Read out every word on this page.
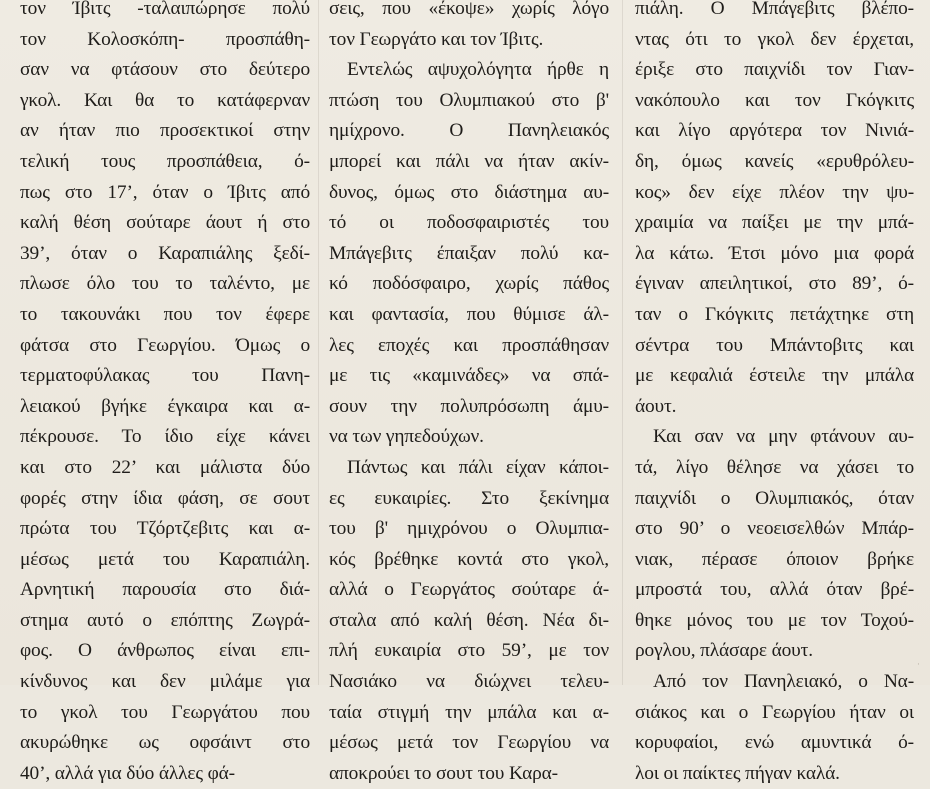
τον Ίβιτς -ταλαιπώρησε πολύ
τον Κολοσκόπη- προσπάθη-
σαν να φτάσουν στο δεύτερο
γκολ. Και θα το κατάφερναν
αν ήταν πιο προσεκτικοί στην
τελική τους προσπάθεια, ό-
πως στο 17’, όταν ο Ίβιτς από
καλή θέση σούταρε άουτ ή στο
39’, όταν ο Καραπιάλης ξεδί-
πλωσε όλο του το ταλέντο, με
το τακουνάκι που τον έφερε
φάτσα στο Γεωργίου. Όμως ο
τερματοφύλακας του Πανη-
λειακού βγήκε έγκαιρα και α-
πέκρουσε. Το ίδιο είχε κάνει
και στο 22’ και μάλιστα δύο
φορές στην ίδια φάση, σε σουτ
πρώτα του Τζόρτζεβιτς και α-
μέσως μετά του Καραπιάλη.
Αρνητική παρουσία στο διά-
στημα αυτό ο επόπτης Ζωγρά-
φος. Ο άνθρωπος είναι επι-
κίνδυνος και δεν μιλάμε για
το γκολ του Γεωργάτου που
ακυρώθηκε ως οφσάιντ στο
40’, αλλά για δύο άλλες φά-
σεις, που «έκοψε» χωρίς λόγο
τον Γεωργάτο και τον Ίβιτς.
Εντελώς αψυχολόγητα ήρθε η
πτώση του Ολυμπιακού στο β'
ημίχρονο. Ο Πανηλειακός
μπορεί και πάλι να ήταν ακίν-
δυνος, όμως στο διάστημα αυ-
τό οι ποδοσφαιριστές του
Μπάγεβιτς έπαιξαν πολύ κα-
κό ποδόσφαιρο, χωρίς πάθος
και φαντασία, που θύμισε άλ-
λες εποχές και προσπάθησαν
με τις «καμινάδες» να σπά-
σουν την πολυπρόσωπη άμυ-
να των γηπεδούχων.
Πάντως και πάλι είχαν κάποι-
ες ευκαιρίες. Στο ξεκίνημα
του β' ημιχρόνου ο Ολυμπια-
κός βρέθηκε κοντά στο γκολ,
αλλά ο Γεωργάτος σούταρε ά-
σταλα από καλή θέση. Νέα δι-
πλή ευκαιρία στο 59’, με τον
Νασιάκο να διώχνει τελευ-
ταία στιγμή την μπάλα και α-
μέσως μετά τον Γεωργίου να
αποκρούει το σουτ του Καρα-
πιάλη. Ο Μπάγεβιτς βλέπο-
ντας ότι το γκολ δεν έρχεται,
έριξε στο παιχνίδι τον Γιαν-
νακόπουλο και τον Γκόγκιτς
και λίγο αργότερα τον Νινιά-
δη, όμως κανείς «ερυθρόλευ-
κος» δεν είχε πλέον την ψυ-
χραιμία να παίξει με την μπά-
λα κάτω. Έτσι μόνο μια φορά
έγιναν απειλητικοί, στο 89’, ό-
ταν ο Γκόγκιτς πετάχτηκε στη
σέντρα του Μπάντοβιτς και
με κεφαλιά έστειλε την μπάλα
άουτ.
Και σαν να μην φτάνουν αυ-
τά, λίγο θέλησε να χάσει το
παιχνίδι ο Ολυμπιακός, όταν
στο 90’ ο νεοεισελθών Μπάρ-
νιακ, πέρασε όποιον βρήκε
μπροστά του, αλλά όταν βρέ-
θηκε μόνος του με τον Τοχού-
ρογλου, πλάσαρε άουτ.
Από τον Πανηλειακό, ο Να-
σιάκος και ο Γεωργίου ήταν οι
κορυφαίοι, ενώ αμυντικά ό-
λοι οι παίκτες πήγαν καλά.
·
